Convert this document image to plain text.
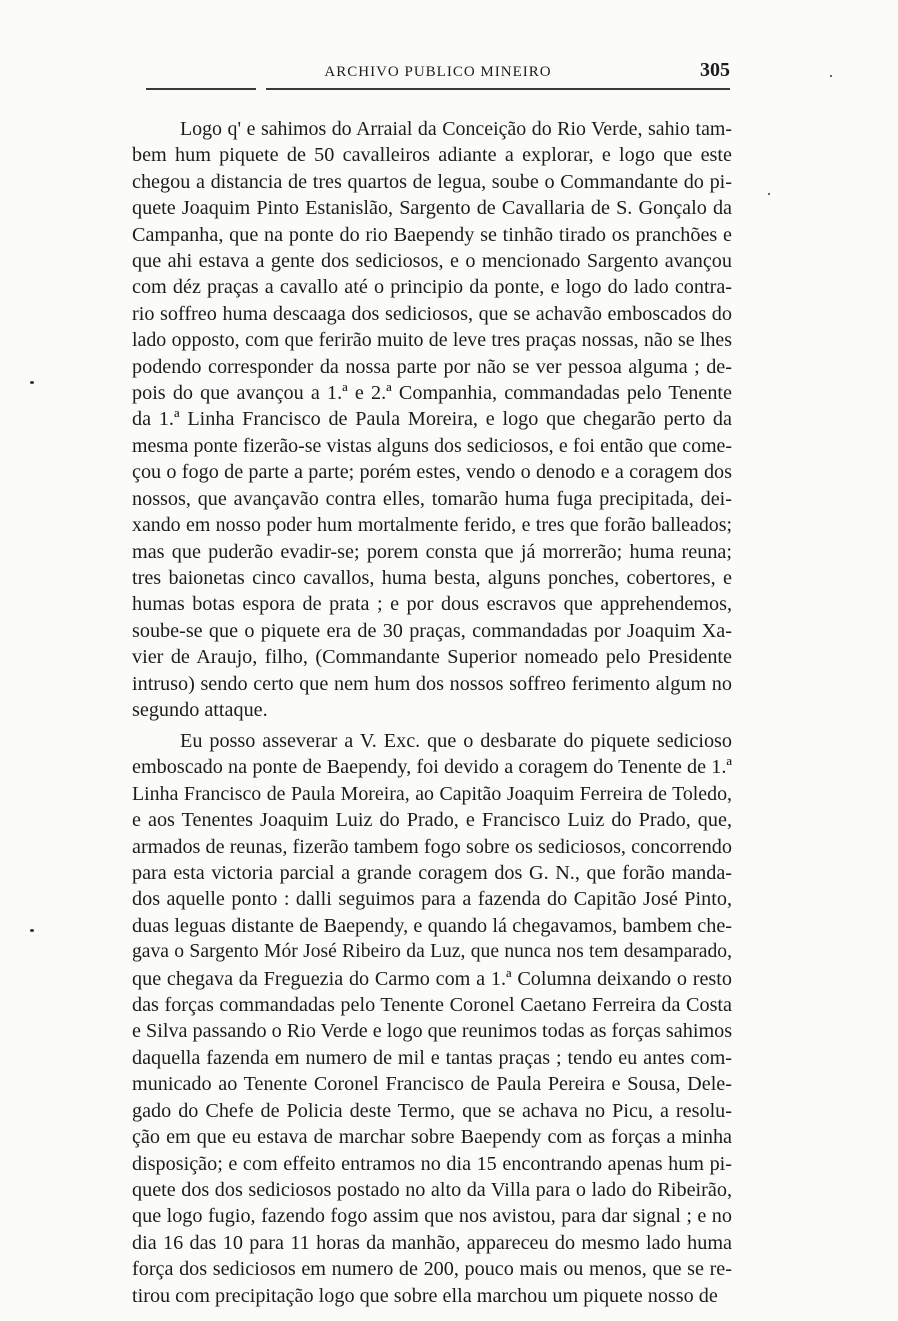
ARCHIVO PUBLICO MINEIRO	305
Logo q' e sahimos do Arraial da Conceição do Rio Verde, sahio tam-
bem hum piquete de 50 cavalleiros adiante a explorar, e logo que este
chegou a distancia de tres quartos de legua, soube o Commandante do pi-
quete Joaquim Pinto Estanislão, Sargento de Cavallaria de S. Gonçalo da
Campanha, que na ponte do rio Baependy se tinhão tirado os pranchões e
que ahi estava a gente dos sediciosos, e o mencionado Sargento avançou
com déz praças a cavallo até o principio da ponte, e logo do lado contra-
rio soffreo huma descaaga dos sediciosos, que se achavão emboscados do
lado opposto, com que ferirão muito de leve tres praças nossas, não se lhes
podendo corresponder da nossa parte por não se ver pessoa alguma ; de-
pois do que avançou a 1.ª e 2.ª Companhia, commandadas pelo Tenente
da 1.ª Linha Francisco de Paula Moreira, e logo que chegarão perto da
mesma ponte fizerão-se vistas alguns dos sediciosos, e foi então que come-
çou o fogo de parte a parte; porém estes, vendo o denodo e a coragem dos
nossos, que avançavão contra elles, tomarão huma fuga precipitada, dei-
xando em nosso poder hum mortalmente ferido, e tres que forão balleados;
mas que puderão evadir-se; porem consta que já morrerão; huma reuna;
tres baionetas cinco cavallos, huma besta, alguns ponches, cobertores, e
humas botas espora de prata ; e por dous escravos que apprehendemos,
soube-se que o piquete era de 30 praças, commandadas por Joaquim Xa-
vier de Araujo, filho, (Commandante Superior nomeado pelo Presidente
intruso) sendo certo que nem hum dos nossos soffreo ferimento algum no
segundo attaque.
Eu posso asseverar a V. Exc. que o desbarate do piquete sedicioso
emboscado na ponte de Baependy, foi devido a coragem do Tenente de 1.ª
Linha Francisco de Paula Moreira, ao Capitão Joaquim Ferreira de Toledo,
e aos Tenentes Joaquim Luiz do Prado, e Francisco Luiz do Prado, que,
armados de reunas, fizerão tambem fogo sobre os sediciosos, concorrendo
para esta victoria parcial a grande coragem dos G. N., que forão manda-
dos aquelle ponto : dalli seguimos para a fazenda do Capitão José Pinto,
duas leguas distante de Baependy, e quando lá chegavamos, bambem che-
gava o Sargento Mór José Ribeiro da Luz, que nunca nos tem desamparado,
que chegava da Freguezia do Carmo com a 1.ª Columna deixando o resto
das forças commandadas pelo Tenente Coronel Caetano Ferreira da Costa
e Silva passando o Rio Verde e logo que reunimos todas as forças sahimos
daquella fazenda em numero de mil e tantas praças ; tendo eu antes com-
municado ao Tenente Coronel Francisco de Paula Pereira e Sousa, Dele-
gado do Chefe de Policia deste Termo, que se achava no Picu, a resolu-
ção em que eu estava de marchar sobre Baependy com as forças a minha
disposição; e com effeito entramos no dia 15 encontrando apenas hum pi-
quete dos dos sediciosos postado no alto da Villa para o lado do Ribeirão,
que logo fugio, fazendo fogo assim que nos avistou, para dar signal ; e no
dia 16 das 10 para 11 horas da manhão, appareceu do mesmo lado huma
força dos sediciosos em numero de 200, pouco mais ou menos, que se re-
tirou com precipitação logo que sobre ella marchou um piquete nosso de
